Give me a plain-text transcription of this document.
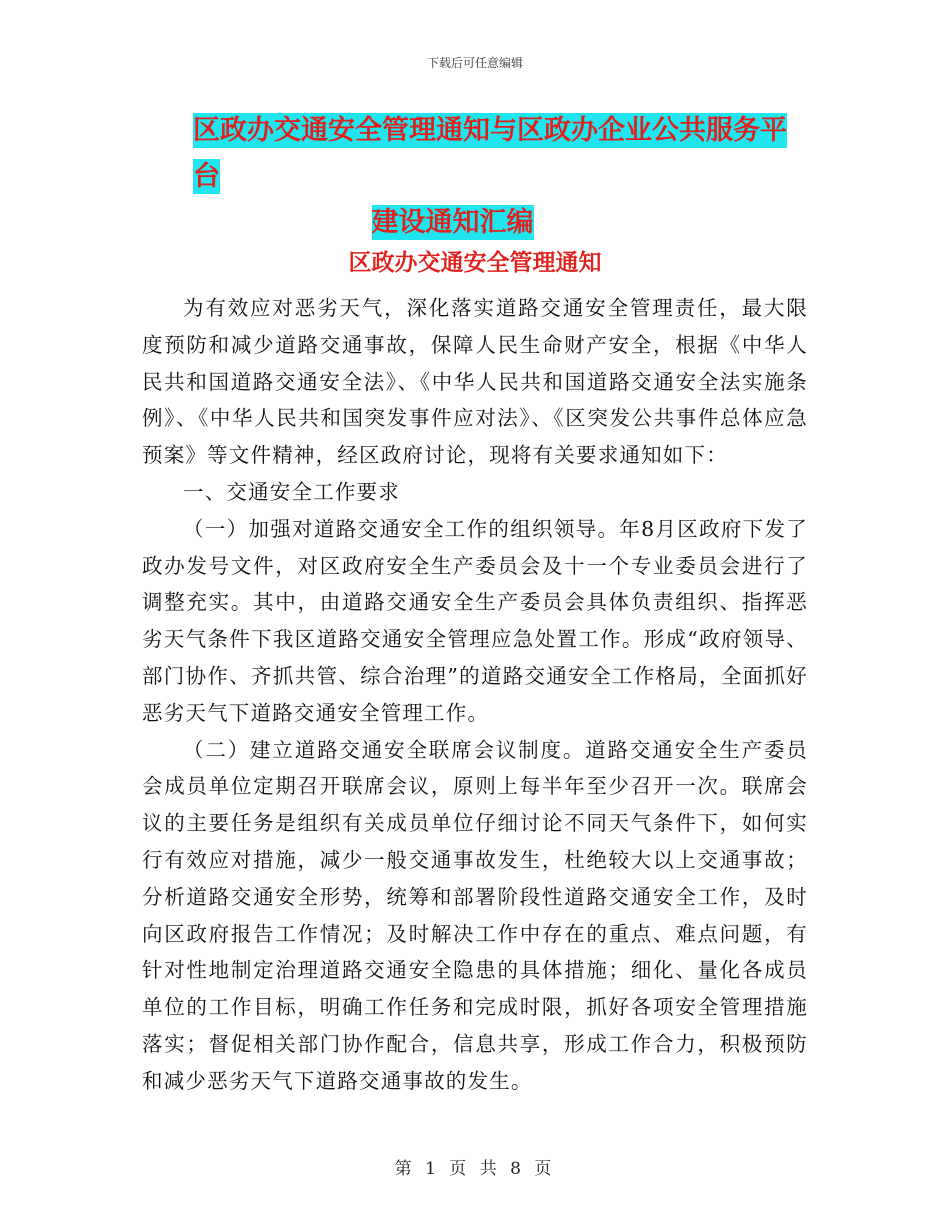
下载后可任意编辑
区政办交通安全管理通知与区政办企业公共服务平台
建设通知汇编
区政办交通安全管理通知

为有效应对恶劣天气，深化落实道路交通安全管理责任，最大限度预防和减少道路交通事故，保障人民生命财产安全，根据《中华人民共和国道路交通安全法》、《中华人民共和国道路交通安全法实施条例》、《中华人民共和国突发事件应对法》、《区突发公共事件总体应急预案》等文件精神，经区政府讨论，现将有关要求通知如下：

一、交通安全工作要求

（一）加强对道路交通安全工作的组织领导。年8月区政府下发了政办发号文件，对区政府安全生产委员会及十一个专业委员会进行了调整充实。其中，由道路交通安全生产委员会具体负责组织、指挥恶劣天气条件下我区道路交通安全管理应急处置工作。形成“政府领导、部门协作、齐抓共管、综合治理”的道路交通安全工作格局，全面抓好恶劣天气下道路交通安全管理工作。

（二）建立道路交通安全联席会议制度。道路交通安全生产委员会成员单位定期召开联席会议，原则上每半年至少召开一次。联席会议的主要任务是组织有关成员单位仔细讨论不同天气条件下，如何实行有效应对措施，减少一般交通事故发生，杜绝较大以上交通事故；分析道路交通安全形势，统筹和部署阶段性道路交通安全工作，及时向区政府报告工作情况；及时解决工作中存在的重点、难点问题，有针对性地制定治理道路交通安全隐患的具体措施；细化、量化各成员单位的工作目标，明确工作任务和完成时限，抓好各项安全管理措施落实；督促相关部门协作配合，信息共享，形成工作合力，积极预防和减少恶劣天气下道路交通事故的发生。

第 1 页 共 8 页
